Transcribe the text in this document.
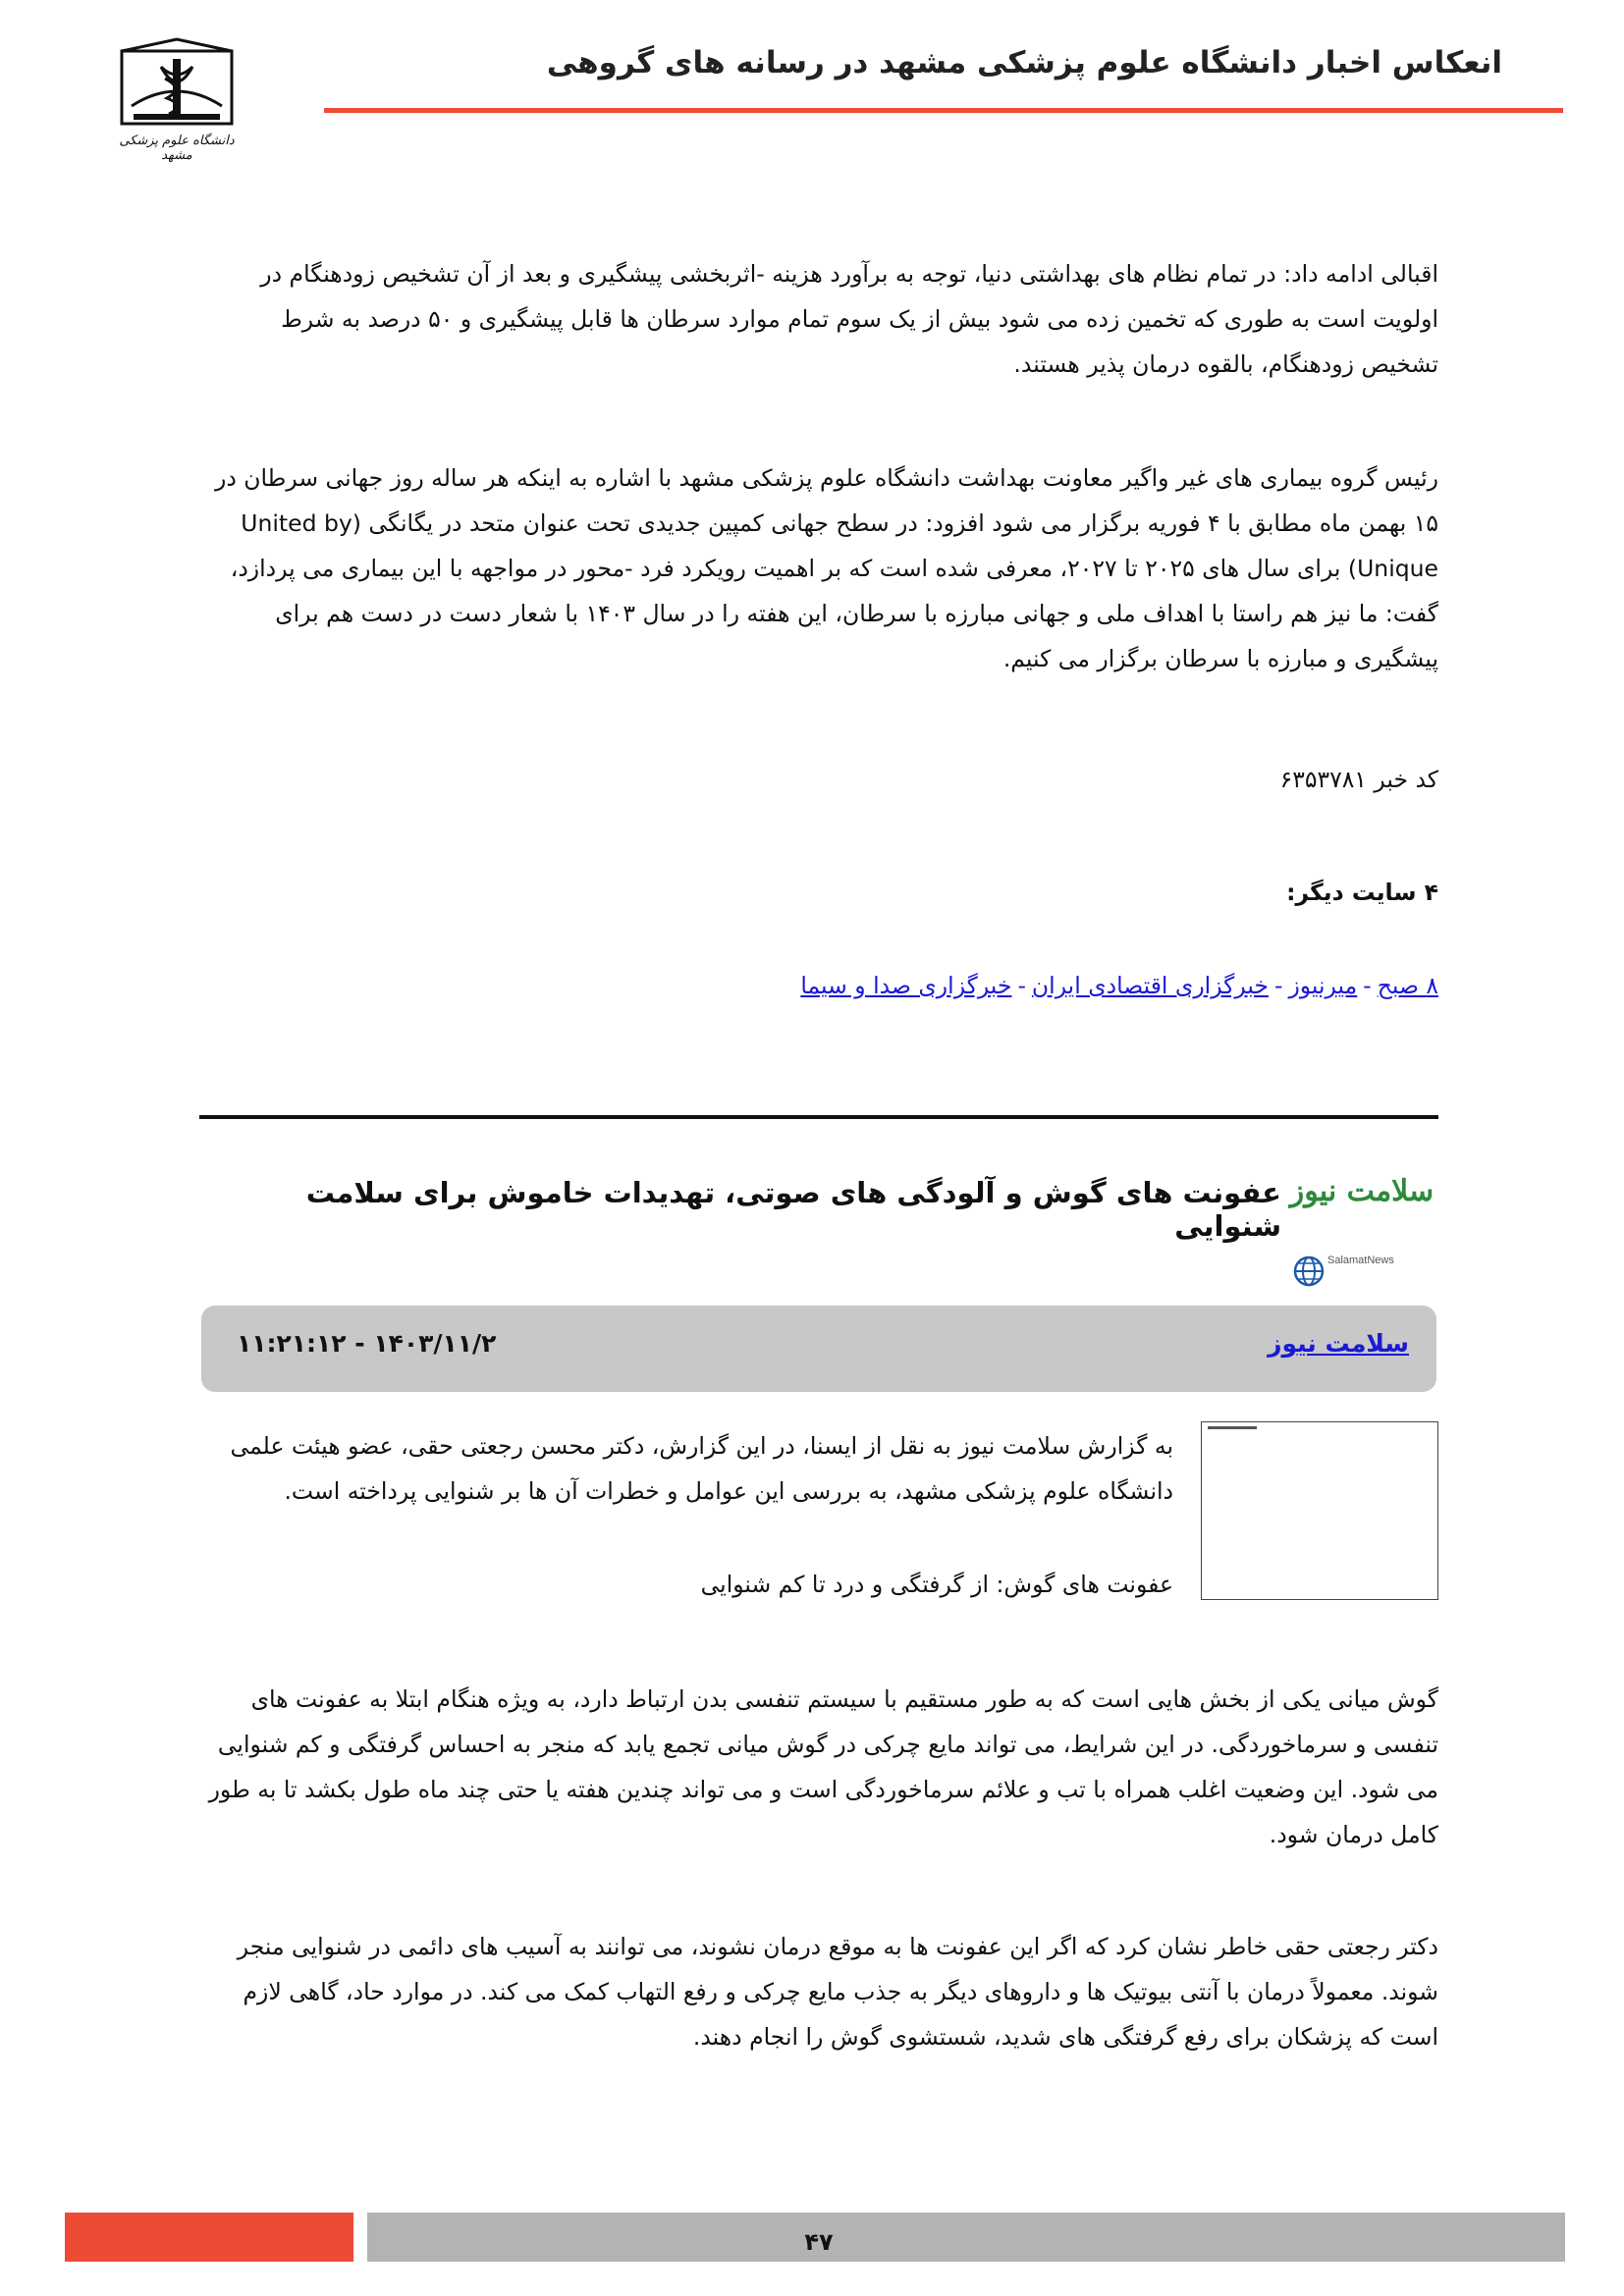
انعکاس اخبار دانشگاه علوم پزشکی مشهد در رسانه های گروهی
دانشگاه علوم پزشکی مشهد

اقبالی ادامه داد: در تمام نظام های بهداشتی دنیا، توجه به برآورد هزینه -اثربخشی پیشگیری و بعد از آن تشخیص زودهنگام در اولویت است به طوری که تخمین زده می شود بیش از یک سوم تمام موارد سرطان ها قابل پیشگیری و ۵۰ درصد به شرط تشخیص زودهنگام، بالقوه درمان پذیر هستند.

رئیس گروه بیماری های غیر واگیر معاونت بهداشت دانشگاه علوم پزشکی مشهد با اشاره به اینکه هر ساله روز جهانی سرطان در ۱۵ بهمن ماه مطابق با ۴ فوریه برگزار می شود افزود: در سطح جهانی کمپین جدیدی تحت عنوان متحد در یگانگی (United by Unique) برای سال های ۲۰۲۵ تا ۲۰۲۷، معرفی شده است که بر اهمیت رویکرد فرد -محور در مواجهه با این بیماری می پردازد، گفت: ما نیز هم راستا با اهداف ملی و جهانی مبارزه با سرطان، این هفته را در سال ۱۴۰۳ با شعار دست در دست هم برای پیشگیری و مبارزه با سرطان برگزار می کنیم.

کد خبر ۶۳۵۳۷۸۱
۴ سایت دیگر:
۸ صبح-میرنیوز-خبرگزاری اقتصادی ایران-خبرگزاری صدا و سیما
عفونت های گوش و آلودگی های صوتی، تهدیدات خاموش برای سلامت شنوایی
سلامت نیوز
SalamatNews
سلامت نیوز
۱۴۰۳/۱۱/۲ - ۱۱:۲۱:۱۲
به گزارش سلامت نیوز به نقل از ایسنا، در این گزارش، دکتر محسن رجعتی حقی، عضو هیئت علمی دانشگاه علوم پزشکی مشهد، به بررسی این عوامل و خطرات آن ها بر شنوایی پرداخته است.
عفونت های گوش: از گرفتگی و درد تا کم شنوایی

گوش میانی یکی از بخش هایی است که به طور مستقیم با سیستم تنفسی بدن ارتباط دارد، به ویژه هنگام ابتلا به عفونت های تنفسی و سرماخوردگی. در این شرایط، می تواند مایع چرکی در گوش میانی تجمع یابد که منجر به احساس گرفتگی و کم شنوایی می شود. این وضعیت اغلب همراه با تب و علائم سرماخوردگی است و می تواند چندین هفته یا حتی چند ماه طول بکشد تا به طور کامل درمان شود.

دکتر رجعتی حقی خاطر نشان کرد که اگر این عفونت ها به موقع درمان نشوند، می توانند به آسیب های دائمی در شنوایی منجر شوند. معمولاً درمان با آنتی بیوتیک ها و داروهای دیگر به جذب مایع چرکی و رفع التهاب کمک می کند. در موارد حاد، گاهی لازم است که پزشکان برای رفع گرفتگی های شدید، شستشوی گوش را انجام دهند.

۴۷
